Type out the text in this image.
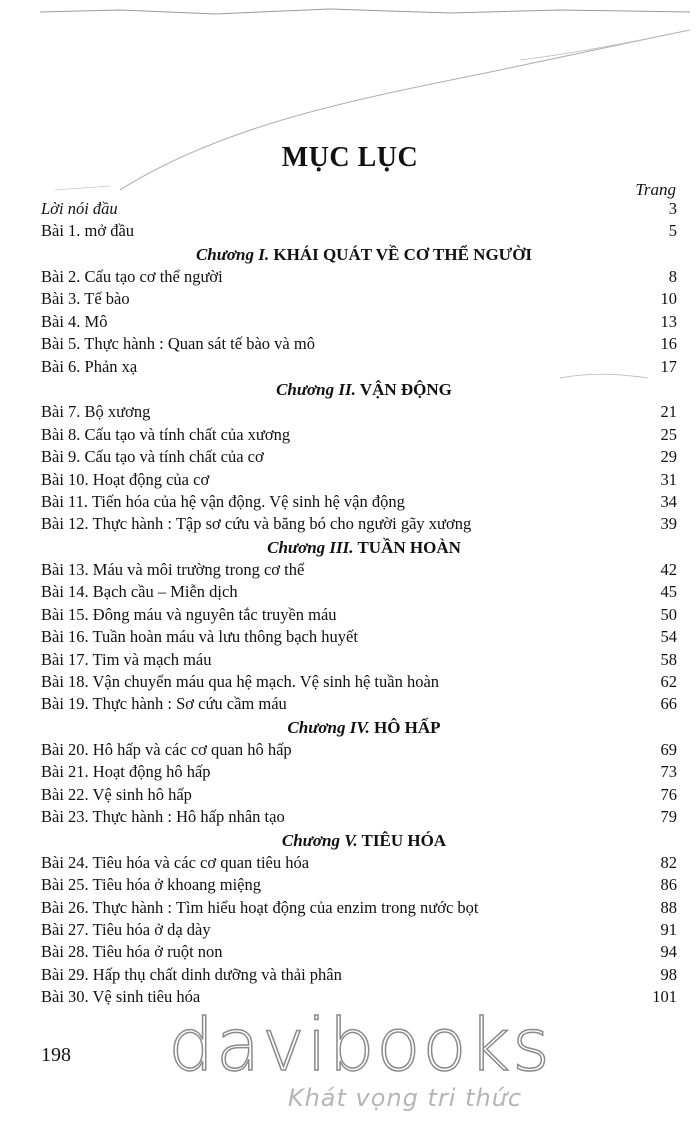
MỤC LỤC
Trang
Lời nói đầu	3
Bài 1. mở đầu	5
Chương I. KHÁI QUÁT VỀ CƠ THỂ NGƯỜI
Bài 2. Cấu tạo cơ thể người	8
Bài 3. Tế bào	10
Bài 4. Mô	13
Bài 5. Thực hành : Quan sát tế bào và mô	16
Bài 6. Phản xạ	17
Chương II. VẬN ĐỘNG
Bài 7. Bộ xương	21
Bài 8. Cấu tạo và tính chất của xương	25
Bài 9. Cấu tạo và tính chất của cơ	29
Bài 10. Hoạt động của cơ	31
Bài 11. Tiến hóa của hệ vận động. Vệ sinh hệ vận động	34
Bài 12. Thực hành : Tập sơ cứu và băng bó cho người gãy xương	39
Chương III. TUẦN HOÀN
Bài 13. Máu và môi trường trong cơ thể	42
Bài 14. Bạch cầu – Miễn dịch	45
Bài 15. Đông máu và nguyên tắc truyền máu	50
Bài 16. Tuần hoàn máu và lưu thông bạch huyết	54
Bài 17. Tim và mạch máu	58
Bài 18. Vận chuyển máu qua hệ mạch. Vệ sinh hệ tuần hoàn	62
Bài 19. Thực hành : Sơ cứu cầm máu	66
Chương IV. HÔ HẤP
Bài 20. Hô hấp và các cơ quan hô hấp	69
Bài 21. Hoạt động hô hấp	73
Bài 22. Vệ sinh hô hấp	76
Bài 23. Thực hành : Hô hấp nhân tạo	79
Chương V. TIÊU HÓA
Bài 24. Tiêu hóa và các cơ quan tiêu hóa	82
Bài 25. Tiêu hóa ở khoang miệng	86
Bài 26. Thực hành : Tìm hiểu hoạt động của enzim trong nước bọt	88
Bài 27. Tiêu hóa ở dạ dày	91
Bài 28. Tiêu hóa ở ruột non	94
Bài 29. Hấp thụ chất dinh dưỡng và thải phân	98
Bài 30. Vệ sinh tiêu hóa	101
198 davibooks
Khát vọng tri thức
